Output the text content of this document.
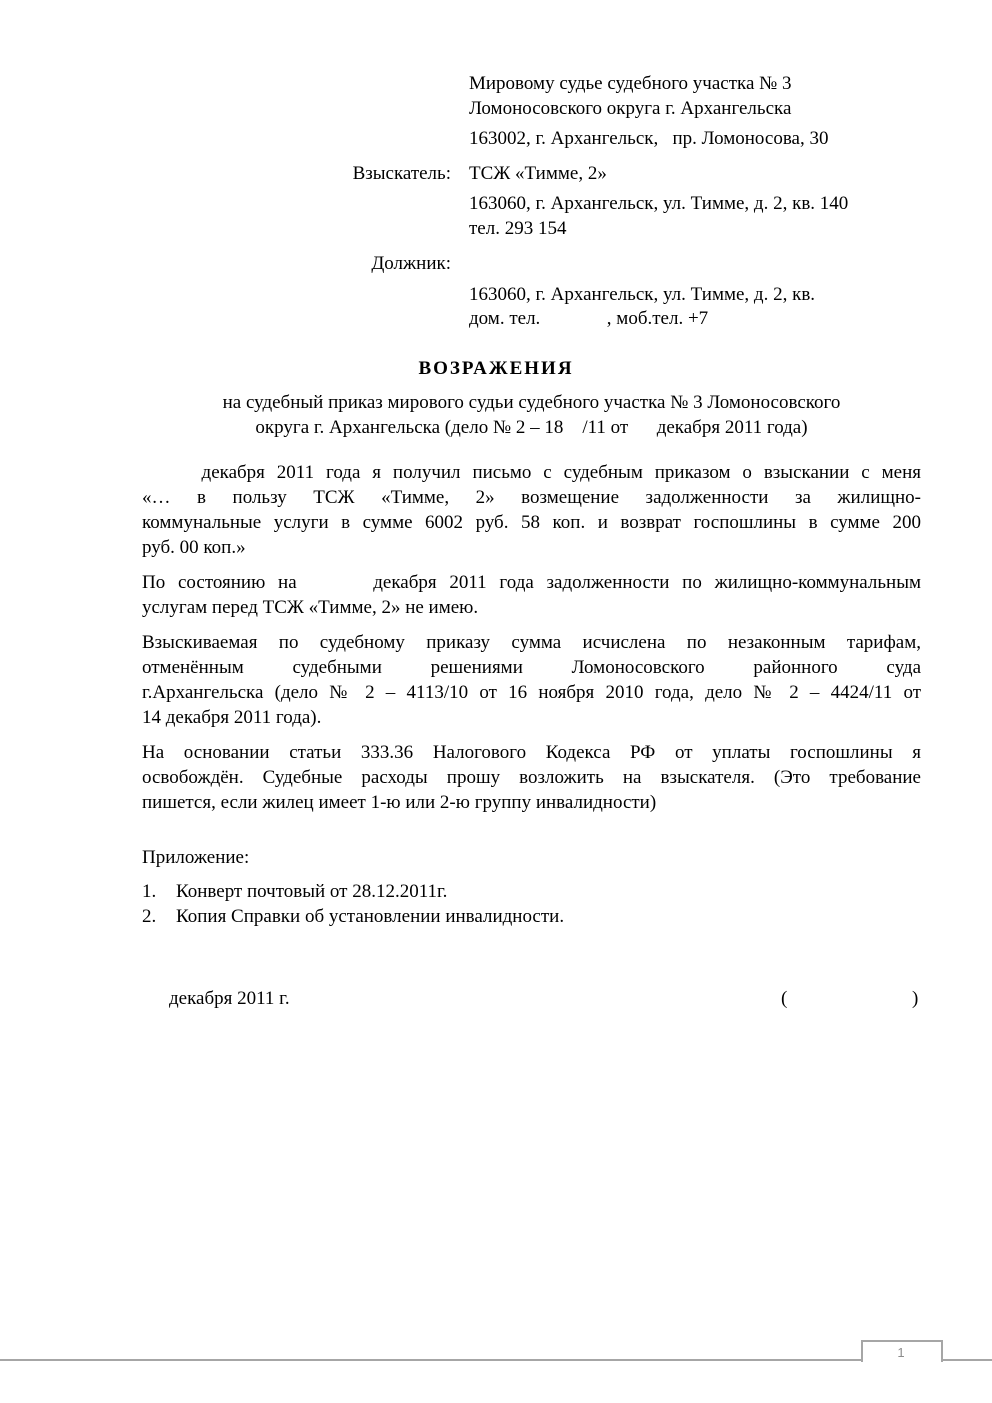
Мировому судье судебного участка № 3
Ломоносовского округа г. Архангельска
163002, г. Архангельск,   пр. Ломоносова, 30
Взыскатель: ТСЖ «Тимме, 2»
163060, г. Архангельск, ул. Тимме, д. 2, кв. 140
тел. 293 154
Должник:
163060, г. Архангельск, ул. Тимме, д. 2, кв.
дом. тел.              , моб.тел. +7
ВОЗРАЖЕНИЯ
на судебный приказ мирового судьи судебного участка № 3 Ломоносовского
округа г. Архангельска (дело № 2 – 18    /11 от      декабря 2011 года)
декабря 2011 года я получил письмо с судебным приказом о взыскании с меня
«… в пользу ТСЖ «Тимме, 2» возмещение задолженности за жилищно-
коммунальные услуги в сумме 6002 руб. 58 коп. и возврат госпошлины в сумме 200
руб. 00 коп.»
По состоянию на      декабря 2011 года задолженности по жилищно-коммунальным
услугам перед ТСЖ «Тимме, 2» не имею.
Взыскиваемая по судебному приказу сумма исчислена по незаконным тарифам,
отменённым судебными решениями Ломоносовского районного суда
г.Архангельска (дело № 2 – 4113/10 от 16 ноября 2010 года, дело № 2 – 4424/11 от
14 декабря 2011 года).
На основании статьи 333.36 Налогового Кодекса РФ от уплаты госпошлины я
освобождён. Судебные расходы прошу возложить на взыскателя. (Это требование
пишется, если жилец имеет 1-ю или 2-ю группу инвалидности)
Приложение:
1. Конверт почтовый от 28.12.2011г.
2. Копия Справки об установлении инвалидности.
декабря 2011 г.	(	)
1
